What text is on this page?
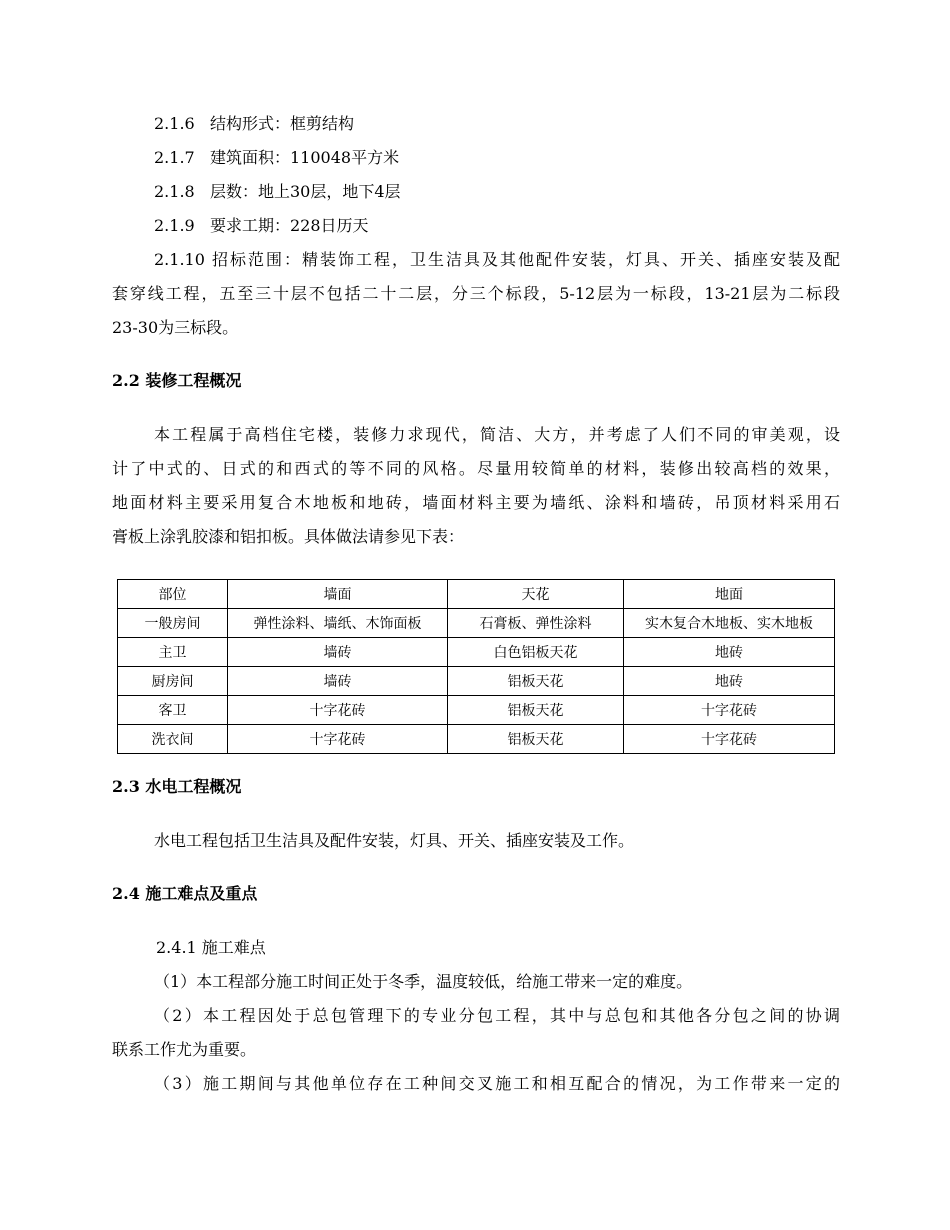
2.1.6 结构形式：框剪结构
2.1.7 建筑面积：110048平方米
2.1.8 层数：地上30层，地下4层
2.1.9 要求工期：228日历天
2.1.10 招标范围：精装饰工程，卫生洁具及其他配件安装，灯具、开关、插座安装及配
套穿线工程，五至三十层不包括二十二层，分三个标段，5-12层为一标段，13-21层为二标段
23-30为三标段。
2.2 装修工程概况
本工程属于高档住宅楼，装修力求现代，简洁、大方，并考虑了人们不同的审美观，设
计了中式的、日式的和西式的等不同的风格。尽量用较简单的材料，装修出较高档的效果，
地面材料主要采用复合木地板和地砖，墙面材料主要为墙纸、涂料和墙砖，吊顶材料采用石
膏板上涂乳胶漆和铝扣板。具体做法请参见下表：
部位	墙面	天花	地面
一般房间	弹性涂料、墙纸、木饰面板	石膏板、弹性涂料	实木复合木地板、实木地板
主卫	墙砖	白色铝板天花	地砖
厨房间	墙砖	铝板天花	地砖
客卫	十字花砖	铝板天花	十字花砖
洗衣间	十字花砖	铝板天花	十字花砖
2.3 水电工程概况
水电工程包括卫生洁具及配件安装，灯具、开关、插座安装及工作。
2.4 施工难点及重点
2.4.1 施工难点
（1）本工程部分施工时间正处于冬季，温度较低，给施工带来一定的难度。
（2）本工程因处于总包管理下的专业分包工程，其中与总包和其他各分包之间的协调
联系工作尤为重要。
（3）施工期间与其他单位存在工种间交叉施工和相互配合的情况，为工作带来一定的
